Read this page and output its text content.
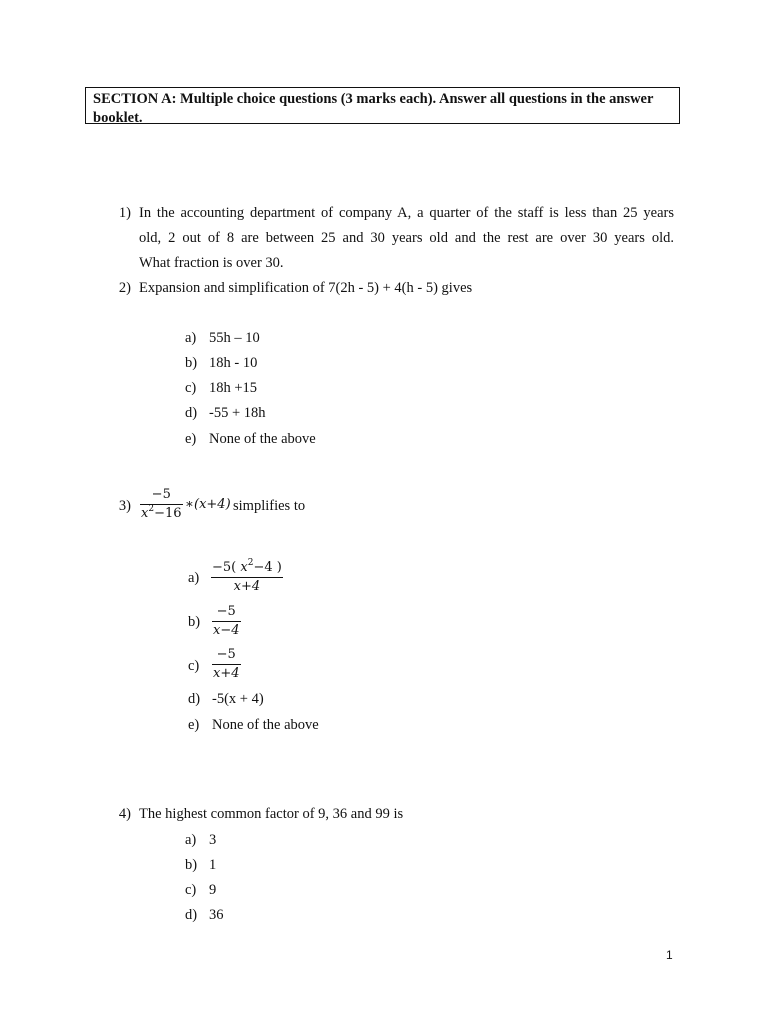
SECTION A: Multiple choice questions (3 marks each). Answer all questions in the answer booklet.
1) In the accounting department of company A, a quarter of the staff is less than 25 years
old, 2 out of 8 are between 25 and 30 years old and the rest are over 30 years old.
What fraction is over 30.
2) Expansion and simplification of 7(2h - 5) + 4(h - 5) gives
a) 55h – 10
b) 18h - 10
c) 18h +15
d) -55 + 18h
e) None of the above
3)
−5
$x^2-16$
∗ (x+4) simplifies to
a)
−5( $x^2-4$ )
x+4
b)
−5
x−4
c)
−5
x+4
d) -5(x + 4)
e) None of the above
4) The highest common factor of 9, 36 and 99 is
a) 3
b) 1
c) 9
d) 36
1
